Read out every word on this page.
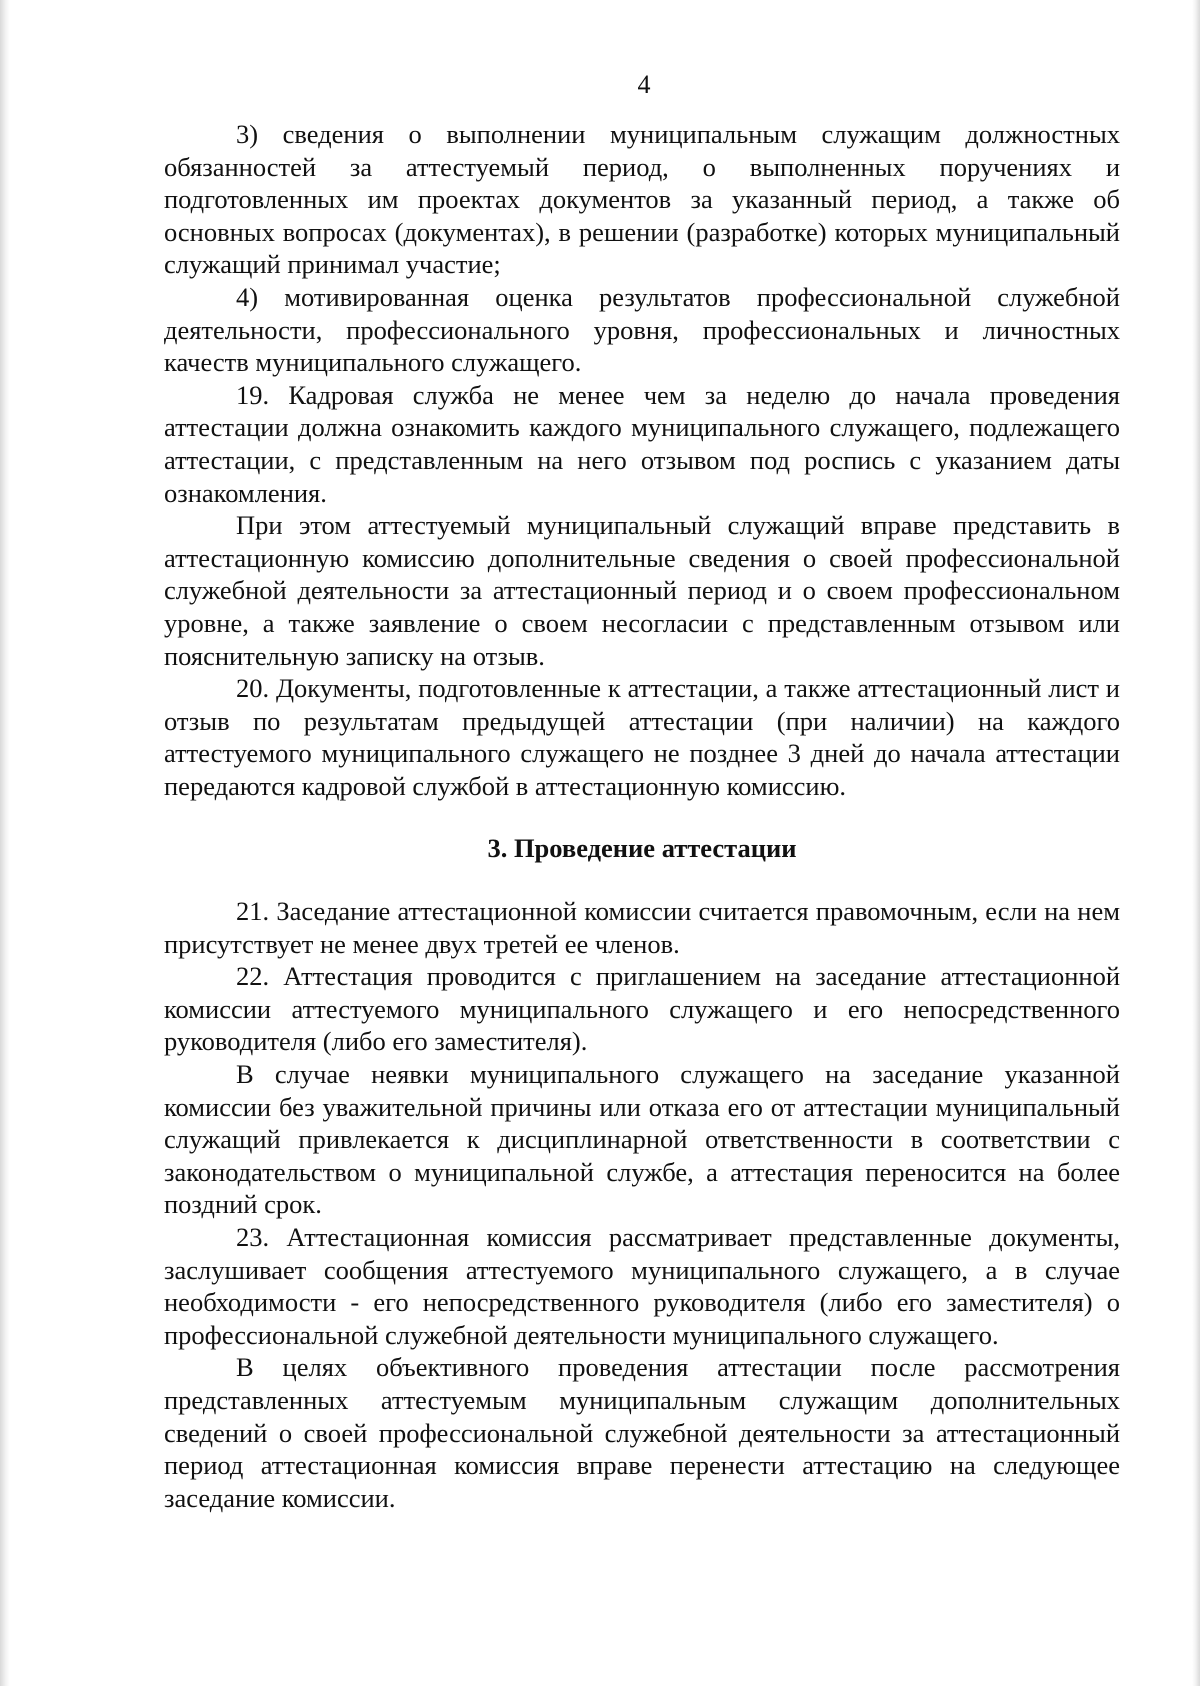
4

3) сведения о выполнении муниципальным служащим должностных обязанностей за аттестуемый период, о выполненных поручениях и подготовленных им проектах документов за указанный период, а также об основных вопросах (документах), в решении (разработке) которых муниципальный служащий принимал участие;

4) мотивированная оценка результатов профессиональной служебной деятельности, профессионального уровня, профессиональных и личностных качеств муниципального служащего.

19. Кадровая служба не менее чем за неделю до начала проведения аттестации должна ознакомить каждого муниципального служащего, подлежащего аттестации, с представленным на него отзывом под роспись с указанием даты ознакомления.

При этом аттестуемый муниципальный служащий вправе представить в аттестационную комиссию дополнительные сведения о своей профессиональной служебной деятельности за аттестационный период и о своем профессиональном уровне, а также заявление о своем несогласии с представленным отзывом или пояснительную записку на отзыв.

20. Документы, подготовленные к аттестации, а также аттестационный лист и отзыв по результатам предыдущей аттестации (при наличии) на каждого аттестуемого муниципального служащего не позднее 3 дней до начала аттестации передаются кадровой службой в аттестационную комиссию.

3. Проведение аттестации

21. Заседание аттестационной комиссии считается правомочным, если на нем присутствует не менее двух третей ее членов.

22. Аттестация проводится с приглашением на заседание аттестационной комиссии аттестуемого муниципального служащего и его непосредственного руководителя (либо его заместителя).

В случае неявки муниципального служащего на заседание указанной комиссии без уважительной причины или отказа его от аттестации муниципальный служащий привлекается к дисциплинарной ответственности в соответствии с законодательством о муниципальной службе, а аттестация переносится на более поздний срок.

23. Аттестационная комиссия рассматривает представленные документы, заслушивает сообщения аттестуемого муниципального служащего, а в случае необходимости - его непосредственного руководителя (либо его заместителя) о профессиональной служебной деятельности муниципального служащего.

В целях объективного проведения аттестации после рассмотрения представленных аттестуемым муниципальным служащим дополнительных сведений о своей профессиональной служебной деятельности за аттестационный период аттестационная комиссия вправе перенести аттестацию на следующее заседание комиссии.
